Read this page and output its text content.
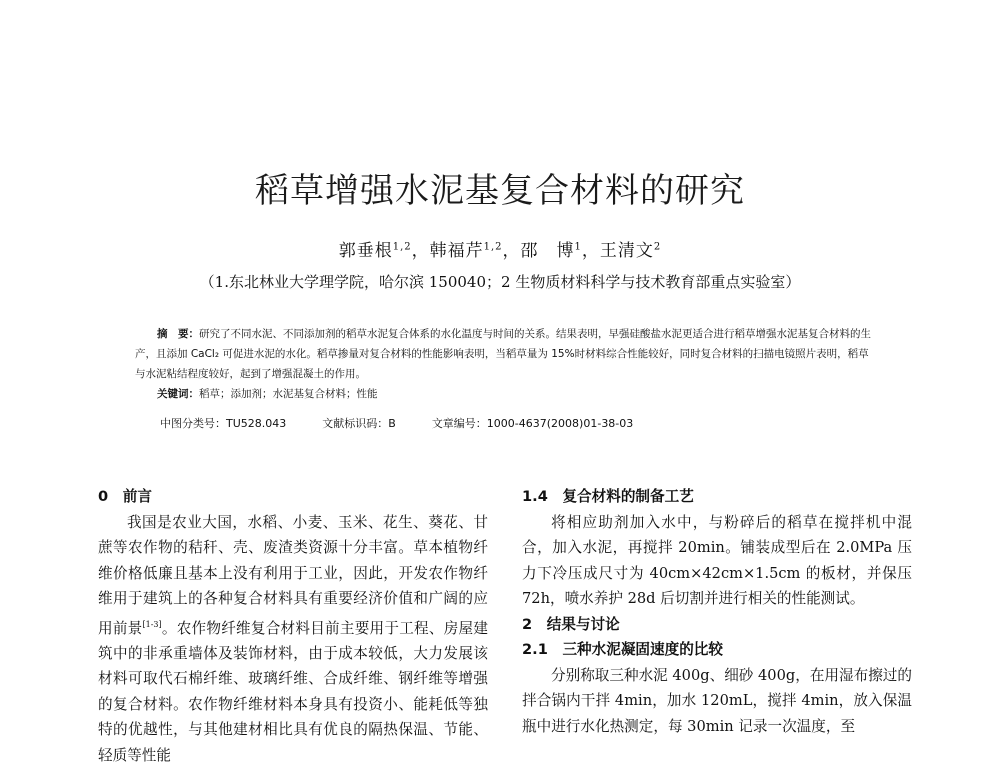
稻草增强水泥基复合材料的研究
郭垂根$^{1,2}$，韩福芹$^{1,2}$，邵　博$^1$，王清文$^2$
（1.东北林业大学理学院，哈尔滨 150040；2 生物质材料科学与技术教育部重点实验室）

摘　要：研究了不同水泥、不同添加剂的稻草水泥复合体系的水化温度与时间的关系。结果表明，早强硅酸盐水泥更适合进行稻草增强水泥基复合材料的生产，且添加 CaCl₂ 可促进水泥的水化。稻草掺量对复合材料的性能影响表明，当稻草量为 15%时材料综合性能较好，同时复合材料的扫描电镜照片表明，稻草与水泥粘结程度较好，起到了增强混凝土的作用。

关键词：稻草；添加剂；水泥基复合材料；性能

中图分类号：TU528.043	文献标识码：B	文章编号：1000-4637(2008)01-38-03
0　前言

我国是农业大国，水稻、小麦、玉米、花生、葵花、甘蔗等农作物的秸秆、壳、废渣类资源十分丰富。草本植物纤维价格低廉且基本上没有利用于工业，因此，开发农作物纤维用于建筑上的各种复合材料具有重要经济价值和广阔的应用前景[1-3]。农作物纤维复合材料目前主要用于工程、房屋建筑中的非承重墙体及装饰材料，由于成本较低，大力发展该材料可取代石棉纤维、玻璃纤维、合成纤维、钢纤维等增强的复合材料。农作物纤维材料本身具有投资小、能耗低等独特的优越性，与其他建材相比具有优良的隔热保温、节能、轻质等性能

1.4　复合材料的制备工艺

将相应助剂加入水中，与粉碎后的稻草在搅拌机中混合，加入水泥，再搅拌 20min。铺装成型后在 2.0MPa 压力下冷压成尺寸为 40cm×42cm×1.5cm 的板材，并保压 72h，喷水养护 28d 后切割并进行相关的性能测试。

2　结果与讨论
2.1　三种水泥凝固速度的比较

分别称取三种水泥 400g、细砂 400g，在用湿布擦过的拌合锅内干拌 4min，加水 120mL，搅拌 4min，放入保温瓶中进行水化热测定，每 30min 记录一次温度，至
